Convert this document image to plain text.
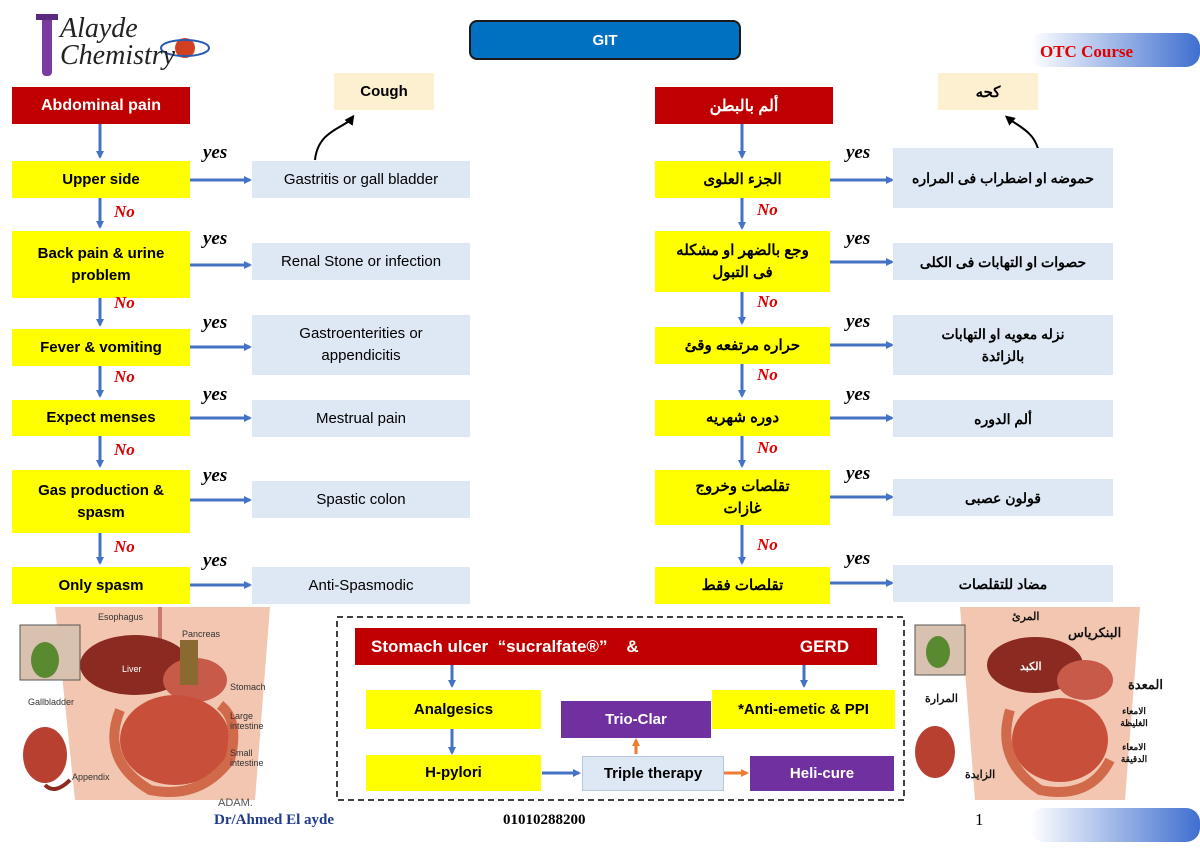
Alayde
Chemistry	GIT
OTC Course
Abdominal pain
Cough
Upper side
Back pain & urine problem
Fever & vomiting
Expect menses
Gas production & spasm
Only spasm
Gastritis or gall bladder
Renal Stone or infection
Gastroenterities or appendicitis
Mestrual pain
Spastic colon
Anti-Spasmodic
yes
yes
yes
yes
yes
yes
No
No
No
No
No
ألم بالبطن
كحه
الجزء العلوى
وجع بالضهر او مشكله فى التبول
حراره مرتفعه وقئ
دوره شهريه
تقلصات وخروج غازات
تقلصات فقط
حموضه او اضطراب فى المراره
حصوات او التهابات فى الكلى
نزله معويه او التهابات بالزائدة
ألم الدوره
قولون عصبى
مضاد للتقلصات
yes
yes
yes
yes
yes
yes
No
No
No
No
No
Stomach ulcer  “sucralfate®”    &	GERD
Analgesics	*Anti-emetic & PPI
Trio-Clar
H-pylori	Triple therapy	Heli-cure
Esophagus
Pancreas
Liver
Stomach
Gallbladder
Large intestine
Small intestine
Appendix
ADAM.
المرئ
البنكرياس
الكبد
المعدة
المرارة
الامعاء الغليظة
الامعاء الدقيقة
الزايدة
Dr/Ahmed El ayde	01010288200	1
